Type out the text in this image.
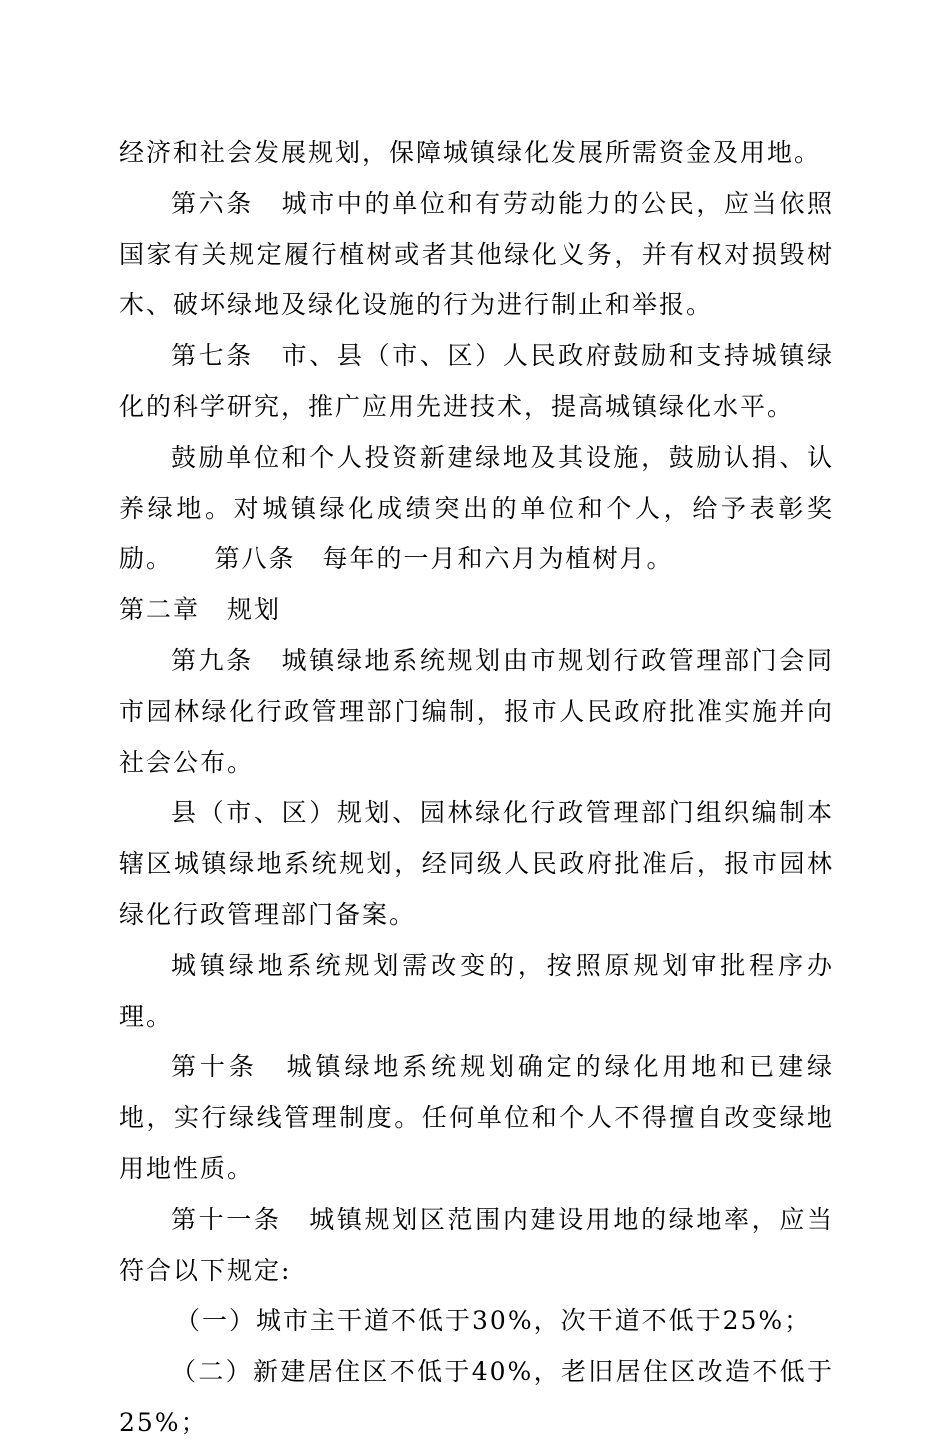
经济和社会发展规划，保障城镇绿化发展所需资金及用地。

第六条　城市中的单位和有劳动能力的公民，应当依照国家有关规定履行植树或者其他绿化义务，并有权对损毁树木、破坏绿地及绿化设施的行为进行制止和举报。

第七条　市、县（市、区）人民政府鼓励和支持城镇绿化的科学研究，推广应用先进技术，提高城镇绿化水平。

鼓励单位和个人投资新建绿地及其设施，鼓励认捐、认养绿地。对城镇绿化成绩突出的单位和个人，给予表彰奖励。　　第八条　每年的一月和六月为植树月。

第二章　规划

第九条　城镇绿地系统规划由市规划行政管理部门会同市园林绿化行政管理部门编制，报市人民政府批准实施并向社会公布。

县（市、区）规划、园林绿化行政管理部门组织编制本辖区城镇绿地系统规划，经同级人民政府批准后，报市园林绿化行政管理部门备案。

城镇绿地系统规划需改变的，按照原规划审批程序办理。

第十条　城镇绿地系统规划确定的绿化用地和已建绿地，实行绿线管理制度。任何单位和个人不得擅自改变绿地用地性质。

第十一条　城镇规划区范围内建设用地的绿地率，应当符合以下规定:

（一）城市主干道不低于30%，次干道不低于25%；

（二）新建居住区不低于40%，老旧居住区改造不低于25%；
